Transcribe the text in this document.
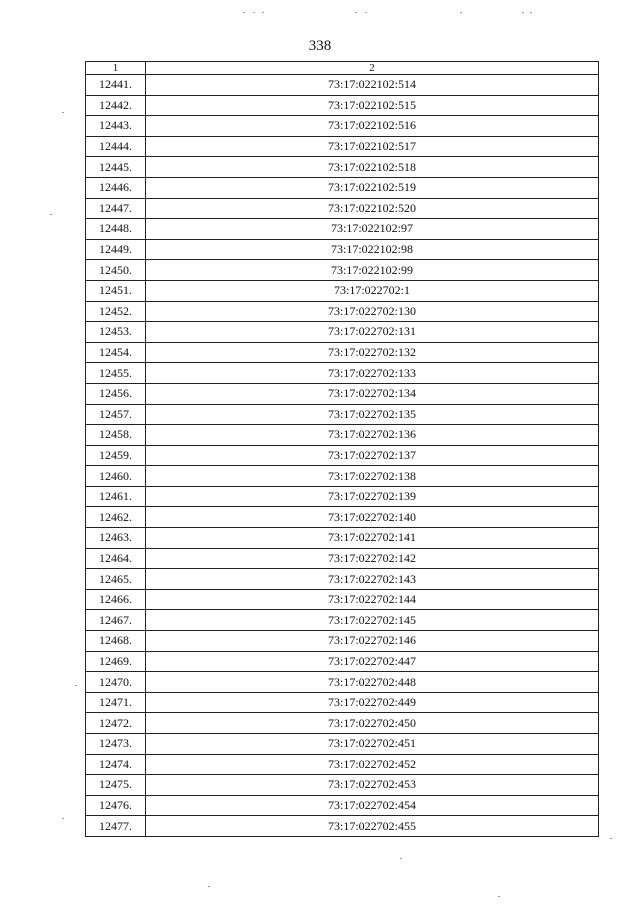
338
1	2
12441.	73:17:022102:514
12442.	73:17:022102:515
12443.	73:17:022102:516
12444.	73:17:022102:517
12445.	73:17:022102:518
12446.	73:17:022102:519
12447.	73:17:022102:520
12448.	73:17:022102:97
12449.	73:17:022102:98
12450.	73:17:022102:99
12451.	73:17:022702:1
12452.	73:17:022702:130
12453.	73:17:022702:131
12454.	73:17:022702:132
12455.	73:17:022702:133
12456.	73:17:022702:134
12457.	73:17:022702:135
12458.	73:17:022702:136
12459.	73:17:022702:137
12460.	73:17:022702:138
12461.	73:17:022702:139
12462.	73:17:022702:140
12463.	73:17:022702:141
12464.	73:17:022702:142
12465.	73:17:022702:143
12466.	73:17:022702:144
12467.	73:17:022702:145
12468.	73:17:022702:146
12469.	73:17:022702:447
12470.	73:17:022702:448
12471.	73:17:022702:449
12472.	73:17:022702:450
12473.	73:17:022702:451
12474.	73:17:022702:452
12475.	73:17:022702:453
12476.	73:17:022702:454
12477.	73:17:022702:455
